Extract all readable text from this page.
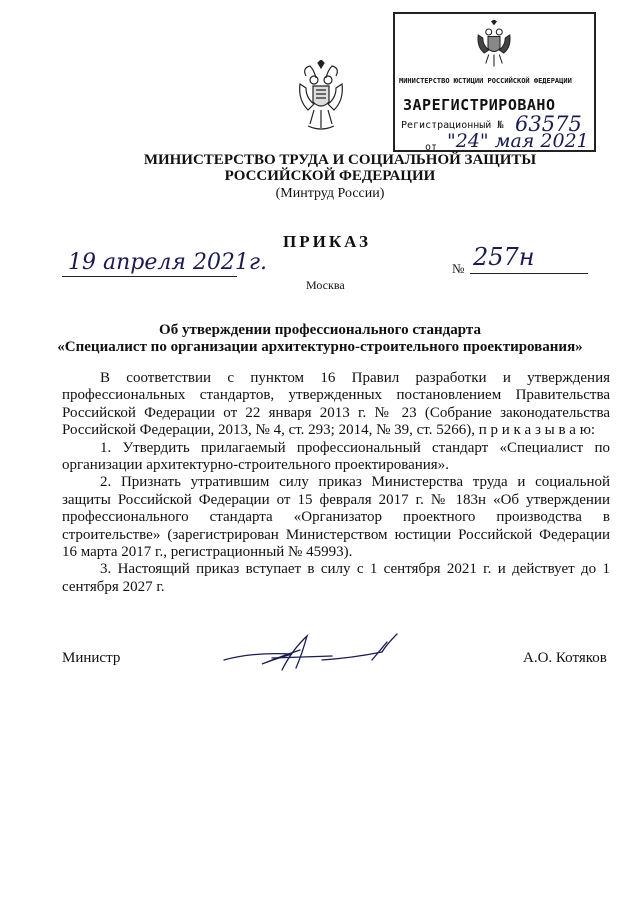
МИНИСТЕРСТВО ЮСТИЦИИ РОССИЙСКОЙ ФЕДЕРАЦИИ
ЗАРЕГИСТРИРОВАНО
Регистрационный № 63575
от "24" мая 2021
МИНИСТЕРСТВО ТРУДА И СОЦИАЛЬНОЙ ЗАЩИТЫ
РОССИЙСКОЙ ФЕДЕРАЦИИ
(Минтруд России)
ПРИКАЗ
19 апреля 2021г.	№ 257н
Москва
Об утверждении профессионального стандарта
«Специалист по организации архитектурно-строительного проектирования»

В соответствии с пунктом 16 Правил разработки и утверждения профессиональных стандартов, утвержденных постановлением Правительства Российской Федерации от 22 января 2013 г. № 23 (Собрание законодательства Российской Федерации, 2013, № 4, ст. 293; 2014, № 39, ст. 5266), п р и к а з ы в а ю:

1. Утвердить прилагаемый профессиональный стандарт «Специалист по организации архитектурно-строительного проектирования».

2. Признать утратившим силу приказ Министерства труда и социальной защиты Российской Федерации от 15 февраля 2017 г. № 183н «Об утверждении профессионального стандарта «Организатор проектного производства в строительстве» (зарегистрирован Министерством юстиции Российской Федерации 16 марта 2017 г., регистрационный № 45993).

3. Настоящий приказ вступает в силу с 1 сентября 2021 г. и действует до 1 сентября 2027 г.

Министр	А.О. Котяков
